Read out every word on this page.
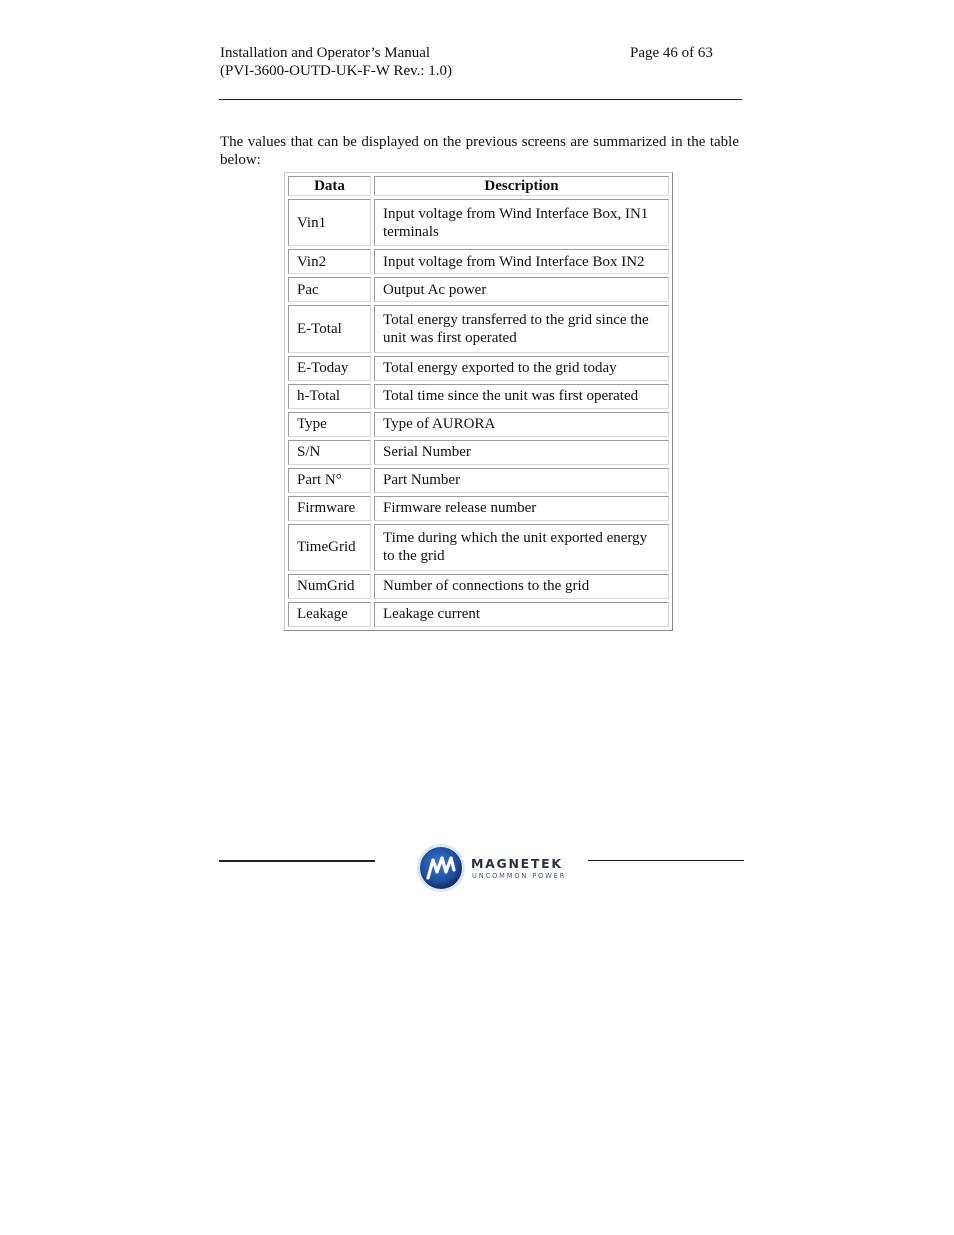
Installation and Operator’s Manual
(PVI-3600-OUTD-UK-F-W Rev.: 1.0)
Page 46 of 63

The values that can be displayed on the previous screens are summarized in the table below:

Data	Description
Vin1	Input voltage from Wind Interface Box, IN1 terminals
Vin2	Input voltage from Wind Interface Box IN2
Pac	Output Ac power
E-Total	Total energy transferred to the grid since the unit was first operated
E-Today	Total energy exported to the grid today
h-Total	Total time since the unit was first operated
Type	Type of AURORA
S/N	Serial Number
Part N°	Part Number
Firmware	Firmware release number
TimeGrid	Time during which the unit exported energy to the grid
NumGrid	Number of connections to the grid
Leakage	Leakage current
MAGNETEK
UNCOMMON POWER
